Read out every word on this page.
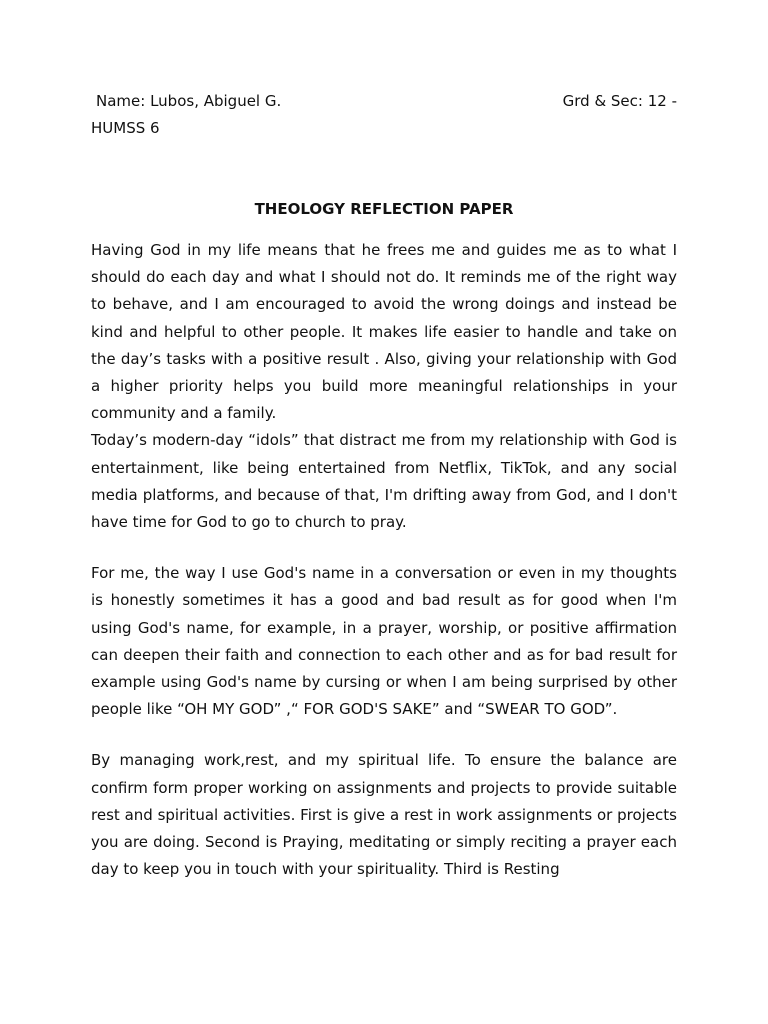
Name: Lubos, Abiguel G.	Grd & Sec: 12 -
HUMSS 6
THEOLOGY REFLECTION PAPER

Having God in my life means that he frees me and guides me as to what I should do each day and what I should not do. It reminds me of the right way to behave, and I am encouraged to avoid the wrong doings and instead be kind and helpful to other people. It makes life easier to handle and take on the day’s tasks with a positive result . Also, giving your relationship with God a higher priority helps you build more meaningful relationships in your community and a family.

Today’s modern-day “idols” that distract me from my relationship with God is entertainment, like being entertained from Netflix, TikTok, and any social media platforms, and because of that, I'm drifting away from God, and I don't have time for God to go to church to pray.

For me, the way I use God's name in a conversation or even in my thoughts is honestly sometimes it has a good and bad result as for good when I'm using God's name, for example, in a prayer, worship, or positive affirmation can deepen their faith and connection to each other and as for bad result for example using God's name by cursing or when I am being surprised by other people like “OH MY GOD” ,“ FOR GOD'S SAKE” and “SWEAR TO GOD”.

By managing work,rest, and my spiritual life. To ensure the balance are confirm form proper working on assignments and projects to provide suitable rest and spiritual activities. First is give a rest in work assignments or projects you are doing. Second is Praying, meditating or simply reciting a prayer each day to keep you in touch with your spirituality. Third is Resting
